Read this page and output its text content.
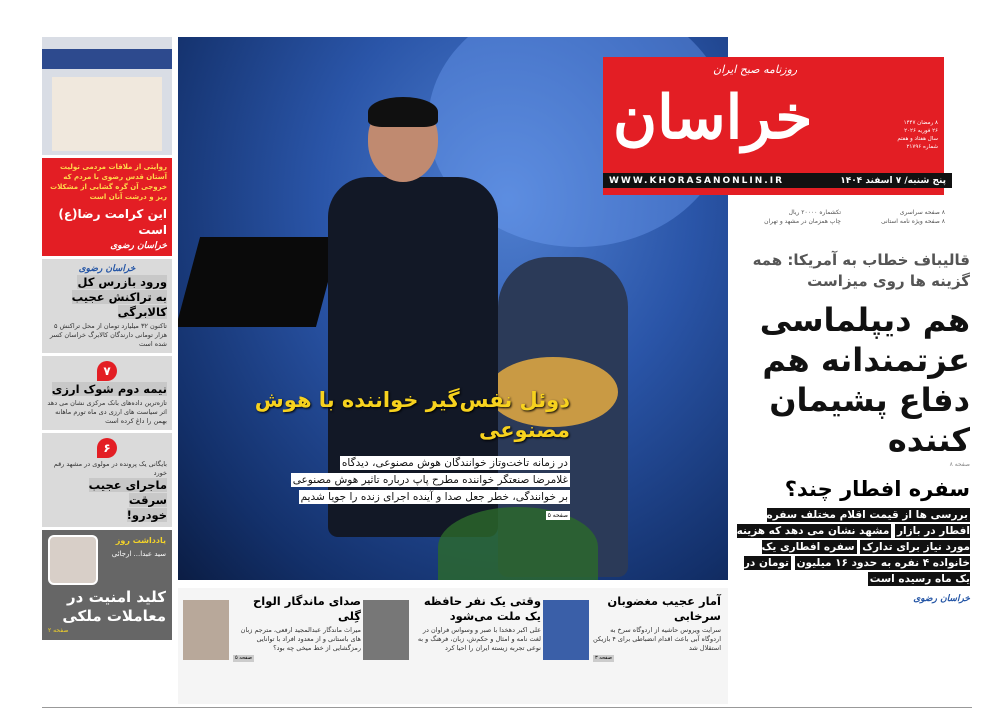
روایتی از ملاقات مردمی تولیت آستان قدس رضوی با مردم که خروجی آن گره گشایی از مشکلات ریز و درشت آنان است
این کرامت رضا(ع) است
خراسان رضوی
خراسان رضوی
ورود بازرس کل
به تراکنش عجیب کالابرگی

تاکنون ۳۲ میلیارد تومان از محل تراکنش ۵ هزار تومانی دارندگان کالابرگ خراسان کسر شده است

۷
نیمه دوم شوک ارزی

تازه‌ترین داده‌های بانک مرکزی نشان می دهد اثر سیاست های ارزی دی ماه تورم ماهانه بهمن را داغ کرده است

۶

بایگانی یک پرونده در مولوی در مشهد رقم خورد

ماجرای عجیب سرقت
خودرو!
یادداشت روز
سید عبدا... ارجائی
کلید امنیت در معاملات ملکی
صفحه ۲
دوئل نفس‌گیر خواننده با هوش مصنوعی
در زمانه تاخت‌وتاز خوانندگان هوش مصنوعی، دیدگاه
غلامرضا صنعتگر خواننده مطرح پاپ درباره تاثیر هوش مصنوعی
بر خوانندگی، خطر جعل صدا و آینده اجرای زنده را جویا شدیم
صفحه ۵
روزنامه صبح ایران
خراسان	۸ رمضان ۱۴۴۷
۲۶ فوریه ۲۰۲۶
سال هفتاد و هفتم
شماره ۲۱۷۹۶
WWW.KHORASANONLIN.IR	پنج شنبه/ ۷ اسفند ۱۴۰۴
۸ صفحه سراسری
تکشماره ۲۰۰۰۰ ریال
۸ صفحه ویژه نامه استانی
چاپ همزمان در مشهد و تهران
قالیباف خطاب به آمریکا: همه گزینه ها روی میزاست
هم دیپلماسی عزتمندانه هم دفاع پشیمان کننده
صفحه ۸
سفره افطار چند؟
بررسی ها از قیمت اقلام مختلف سفره افطار در بازار مشهد نشان می دهد که هزینه مورد نیاز برای تدارک سفره افطاری یک خانواده ۴ نفره به حدود ۱۶ میلیون تومان در یک ماه رسیده است
خراسان رضوی
آمار عجیب مغضوبان سرخابی

سرایت ویروس حاشیه از اردوگاه سرخ به اردوگاه آبی باعث اقدام انضباطی برای ۴ بازیکن استقلال شد

صفحه ۳
وقتی یک نفر حافظه یک ملت می‌شود

علی اکبر دهخدا با صبر و وسواس فراوان در لغت نامه و امثال و حکم‌ش، زبان، فرهنگ و به نوعی تجربه زیسته ایران را احیا کرد

صدای ماندگار الواح گِلی

میراث ماندگار عبدالمجید ارفعی، مترجم زبان های باستانی و از معدود افراد با توانایی رمزگشایی از خط میخی چه بود؟

صفحه ۵
